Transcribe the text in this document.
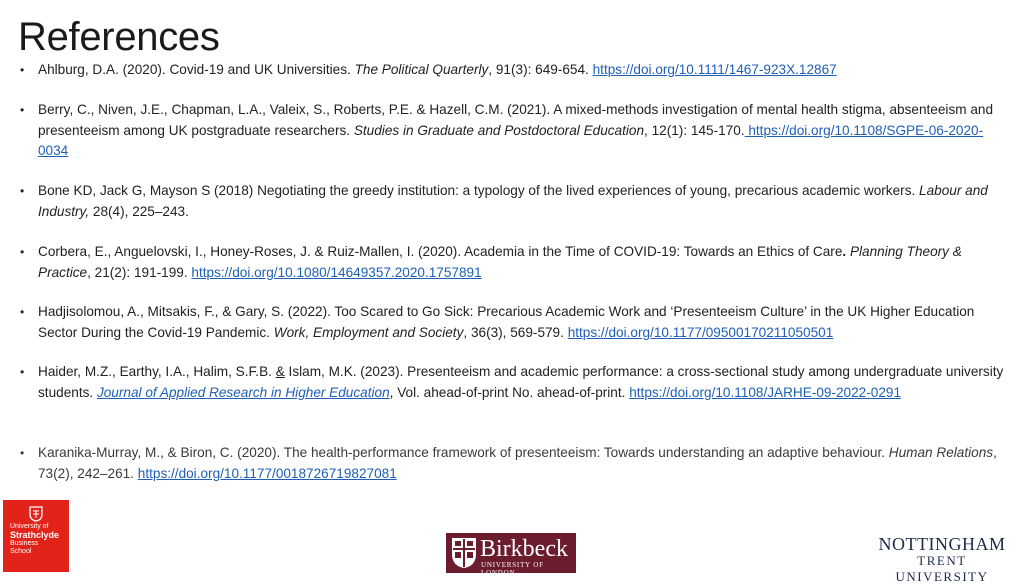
References
• Ahlburg, D.A. (2020). Covid-19 and UK Universities. The Political Quarterly, 91(3): 649-654. https://doi.org/10.1111/1467-923X.12867
• Berry, C., Niven, J.E., Chapman, L.A., Valeix, S., Roberts, P.E. & Hazell, C.M. (2021). A mixed-methods investigation of mental health stigma, absenteeism and presenteeism among UK postgraduate researchers. Studies in Graduate and Postdoctoral Education, 12(1): 145-170. https://doi.org/10.1108/SGPE-06-2020-0034
• Bone KD, Jack G, Mayson S (2018) Negotiating the greedy institution: a typology of the lived experiences of young, precarious academic workers. Labour and Industry, 28(4), 225–243.
• Corbera, E., Anguelovski, I., Honey-Roses, J. & Ruiz-Mallen, I. (2020). Academia in the Time of COVID-19: Towards an Ethics of Care. Planning Theory & Practice, 21(2): 191-199. https://doi.org/10.1080/14649357.2020.1757891
• Hadjisolomou, A., Mitsakis, F., & Gary, S. (2022). Too Scared to Go Sick: Precarious Academic Work and ‘Presenteeism Culture’ in the UK Higher Education Sector During the Covid-19 Pandemic. Work, Employment and Society, 36(3), 569-579. https://doi.org/10.1177/09500170211050501
• Haider, M.Z., Earthy, I.A., Halim, S.F.B. & Islam, M.K. (2023). Presenteeism and academic performance: a cross-sectional study among undergraduate university students. Journal of Applied Research in Higher Education, Vol. ahead-of-print No. ahead-of-print. https://doi.org/10.1108/JARHE-09-2022-0291
• Karanika-Murray, M., & Biron, C. (2020). The health-performance framework of presenteeism: Towards understanding an adaptive behaviour. Human Relations, 73(2), 242–261. https://doi.org/10.1177/0018726719827081
University of
Strathclyde
Business
School	Birkbeck
UNIVERSITY OF LONDON
NOTTINGHAM
TRENT UNIVERSITY
